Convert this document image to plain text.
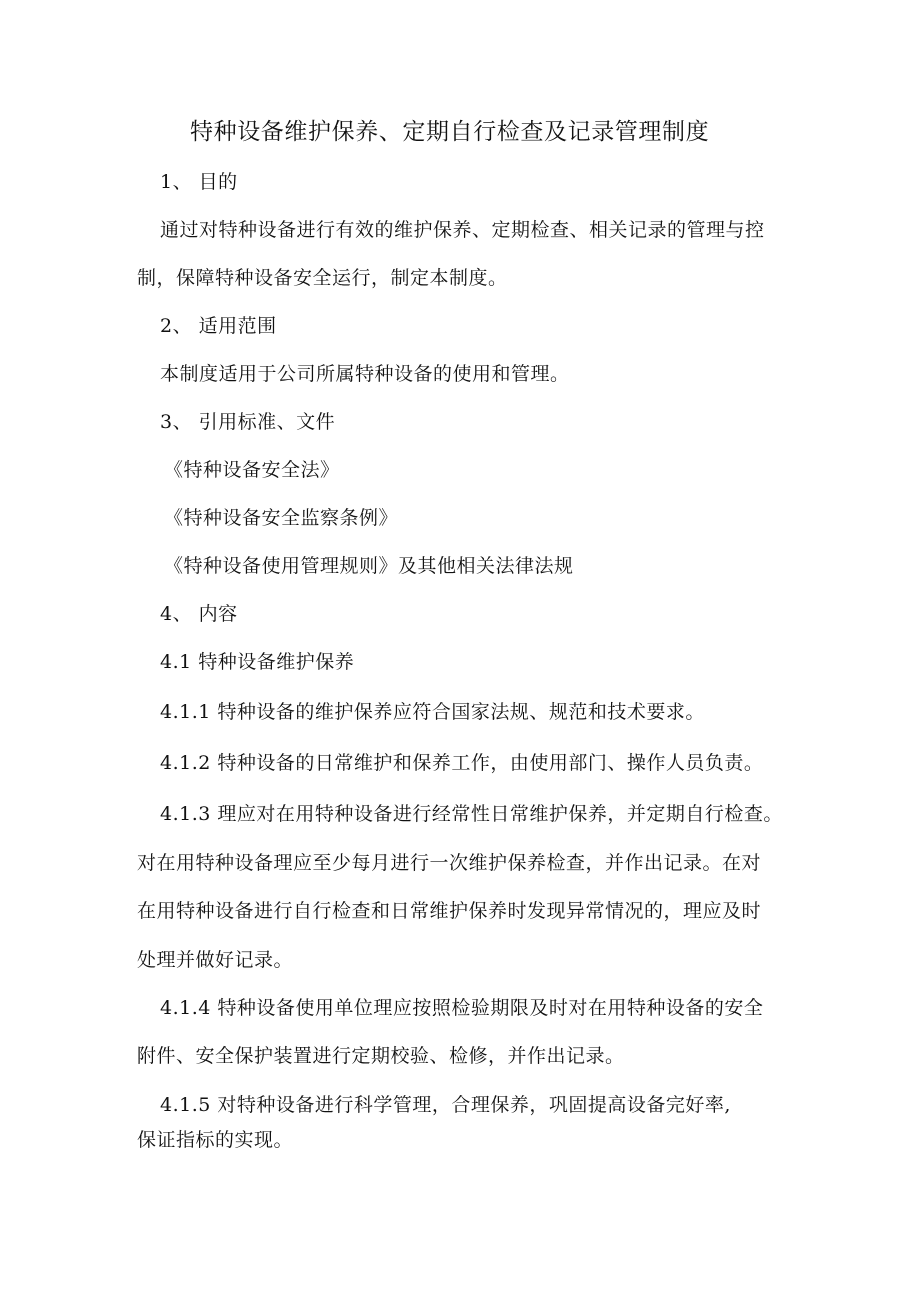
特种设备维护保养、定期自行检查及记录管理制度
1、 目的
通过对特种设备进行有效的维护保养、定期检查、相关记录的管理与控
制，保障特种设备安全运行，制定本制度。
2、 适用范围
本制度适用于公司所属特种设备的使用和管理。
3、 引用标准、文件
《特种设备安全法》
《特种设备安全监察条例》
《特种设备使用管理规则》及其他相关法律法规
4、 内容
4.1 特种设备维护保养
4.1.1 特种设备的维护保养应符合国家法规、规范和技术要求。
4.1.2 特种设备的日常维护和保养工作，由使用部门、操作人员负责。
4.1.3 理应对在用特种设备进行经常性日常维护保养，并定期自行检查。
对在用特种设备理应至少每月进行一次维护保养检查，并作出记录。在对
在用特种设备进行自行检查和日常维护保养时发现异常情况的，理应及时
处理并做好记录。
4.1.4 特种设备使用单位理应按照检验期限及时对在用特种设备的安全
附件、安全保护装置进行定期校验、检修，并作出记录。
4.1.5 对特种设备进行科学管理，合理保养，巩固提高设备完好率,
保证指标的实现。
